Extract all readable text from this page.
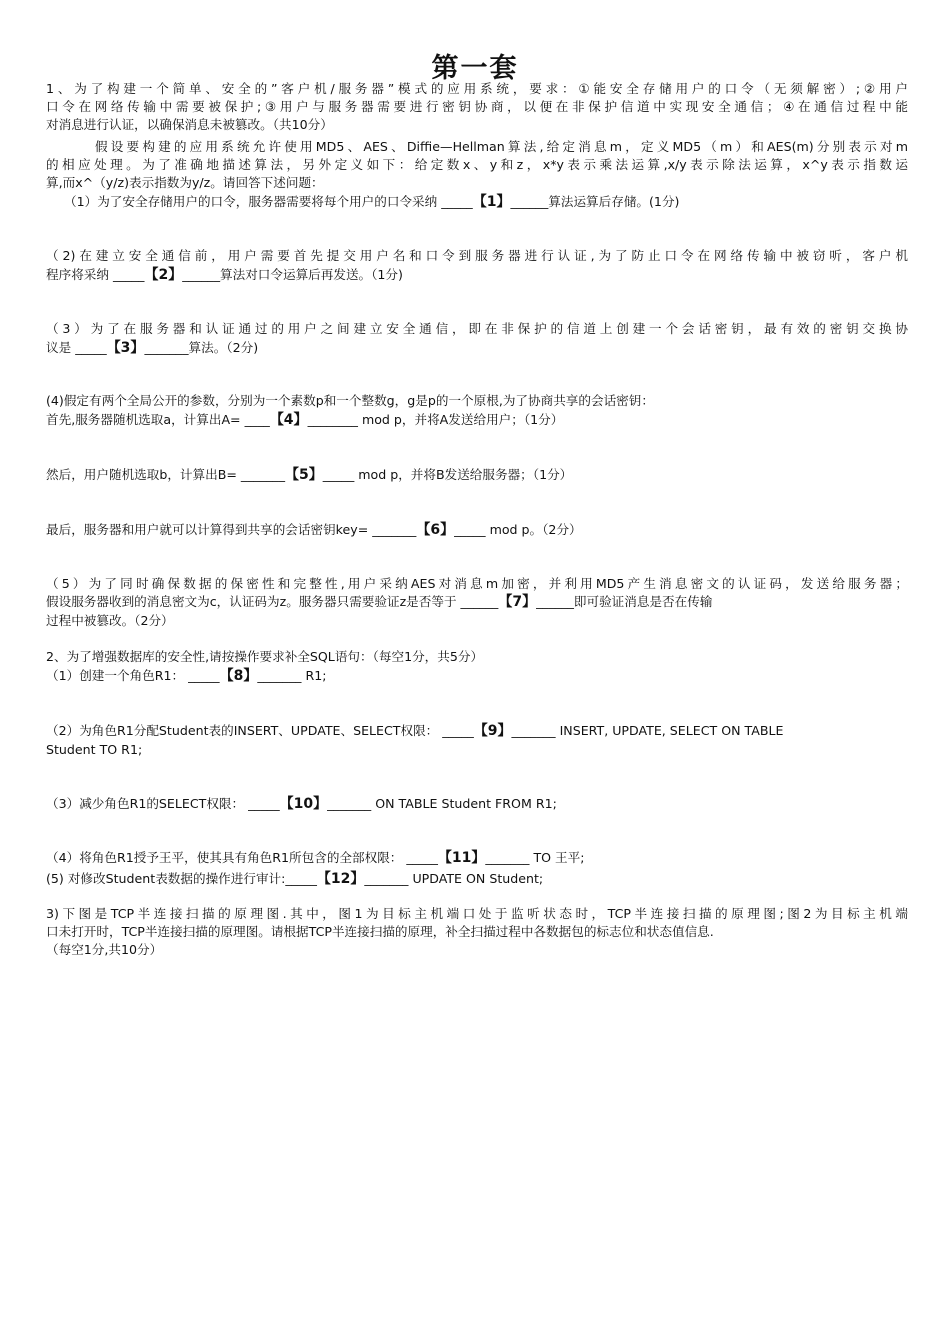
第一套
1、为了构建一个简单、安全的”客户机/服务器”模式的应用系统，要求：①能安全存储用户的口令（无须解密）;②用户
口令在网络传输中需要被保护;③用户与服务器需要进行密钥协商，以便在非保护信道中实现安全通信；④在通信过程中能
对消息进行认证，以确保消息未被篡改。（共10分）
假设要构建的应用系统允许使用MD5、AES、Diffie—Hellman算法,给定消息m，定义MD5（m）和AES(m)分别表示对m
的相应处理。为了准确地描述算法，另外定义如下：给定数x、y和z，x*y表示乘法运算,x/y表示除法运算，x^y表示指数运
算,而x^（y/z)表示指数为y/z。请回答下述问题：
（1）为了安全存储用户的口令，服务器需要将每个用户的口令采纳 _____【1】______算法运算后存储。(1分)
（2)在建立安全通信前，用户需要首先提交用户名和口令到服务器进行认证,为了防止口令在网络传输中被窃听，客户机
程序将采纳 _____【2】______算法对口令运算后再发送。（1分)
（3）为了在服务器和认证通过的用户之间建立安全通信，即在非保护的信道上创建一个会话密钥，最有效的密钥交换协
议是 _____【3】_______算法。（2分)
(4)假定有两个全局公开的参数，分别为一个素数p和一个整数g，g是p的一个原根,为了协商共享的会话密钥：
首先,服务器随机选取a，计算出A= ____【4】________ mod p，并将A发送给用户；（1分）
然后，用户随机选取b，计算出B= _______【5】_____ mod p，并将B发送给服务器；（1分）
最后，服务器和用户就可以计算得到共享的会话密钥key= _______【6】_____ mod p。（2分）
（5）为了同时确保数据的保密性和完整性,用户采纳AES对消息m加密，并利用MD5产生消息密文的认证码，发送给服务器；
假设服务器收到的消息密文为c，认证码为z。服务器只需要验证z是否等于 ______【7】______即可验证消息是否在传输
过程中被篡改。（2分）
2、为了增强数据库的安全性,请按操作要求补全SQL语句：（每空1分，共5分）
（1）创建一个角色R1： _____【8】_______ R1;
（2）为角色R1分配Student表的INSERT、UPDATE、SELECT权限： _____【9】_______ INSERT, UPDATE, SELECT ON TABLE
Student TO R1;
（3）减少角色R1的SELECT权限： _____【10】_______ ON TABLE Student FROM R1;
（4）将角色R1授予王平，使其具有角色R1所包含的全部权限： _____【11】_______ TO 王平;
(5) 对修改Student表数据的操作进行审计:_____【12】_______ UPDATE ON Student;
3)下图是TCP半连接扫描的原理图.其中，图1为目标主机端口处于监听状态时，TCP半连接扫描的原理图;图2为目标主机端
口未打开时，TCP半连接扫描的原理图。请根据TCP半连接扫描的原理，补全扫描过程中各数据包的标志位和状态值信息.
（每空1分,共10分）
